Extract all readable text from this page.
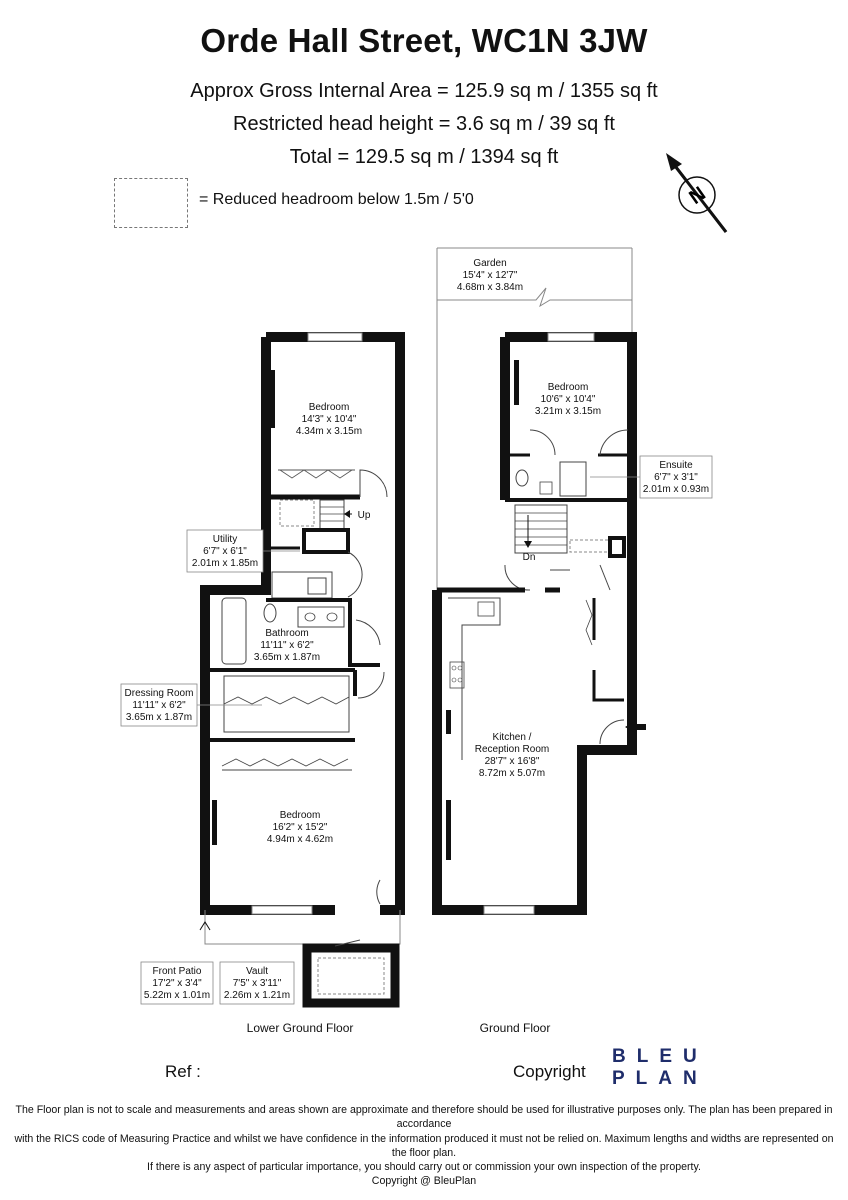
Orde Hall Street, WC1N 3JW
Approx Gross Internal Area = 125.9 sq m / 1355 sq ft
Restricted head height = 3.6 sq m / 39 sq ft
Total = 129.5 sq m / 1394 sq ft
= Reduced headroom below 1.5m / 5'0	N
Up
Bedroom
14'3" x 10'4"
4.34m x 3.15m
Utility
6'7" x 6'1"
2.01m x 1.85m
Bathroom
11'11" x 6'2"
3.65m x 1.87m
Dressing Room
11'11" x 6'2"
3.65m x 1.87m
Bedroom
16'2" x 15'2"
4.94m x 4.62m
Front Patio
17'2" x 3'4"
5.22m x 1.01m
Vault
7'5" x 3'11"
2.26m x 1.21m
Lower Ground Floor
Dn
Garden
15'4" x 12'7"
4.68m x 3.84m
Bedroom
10'6" x 10'4"
3.21m x 3.15m
Ensuite
6'7" x 3'1"
2.01m x 0.93m
Kitchen /
Reception Room
28'7" x 16'8"
8.72m x 5.07m
Ground Floor
Ref :	Copyright
BLEU
PLAN
The Floor plan is not to scale and measurements and areas shown are approximate and therefore should be used for illustrative purposes only. The plan has been prepared in accordance
with the RICS code of Measuring Practice and whilst we have confidence in the information produced it must not be relied on. Maximum lengths and widths are represented on the floor plan.
If there is any aspect of particular importance, you should carry out or commission your own inspection of the property.
Copyright @ BleuPlan
